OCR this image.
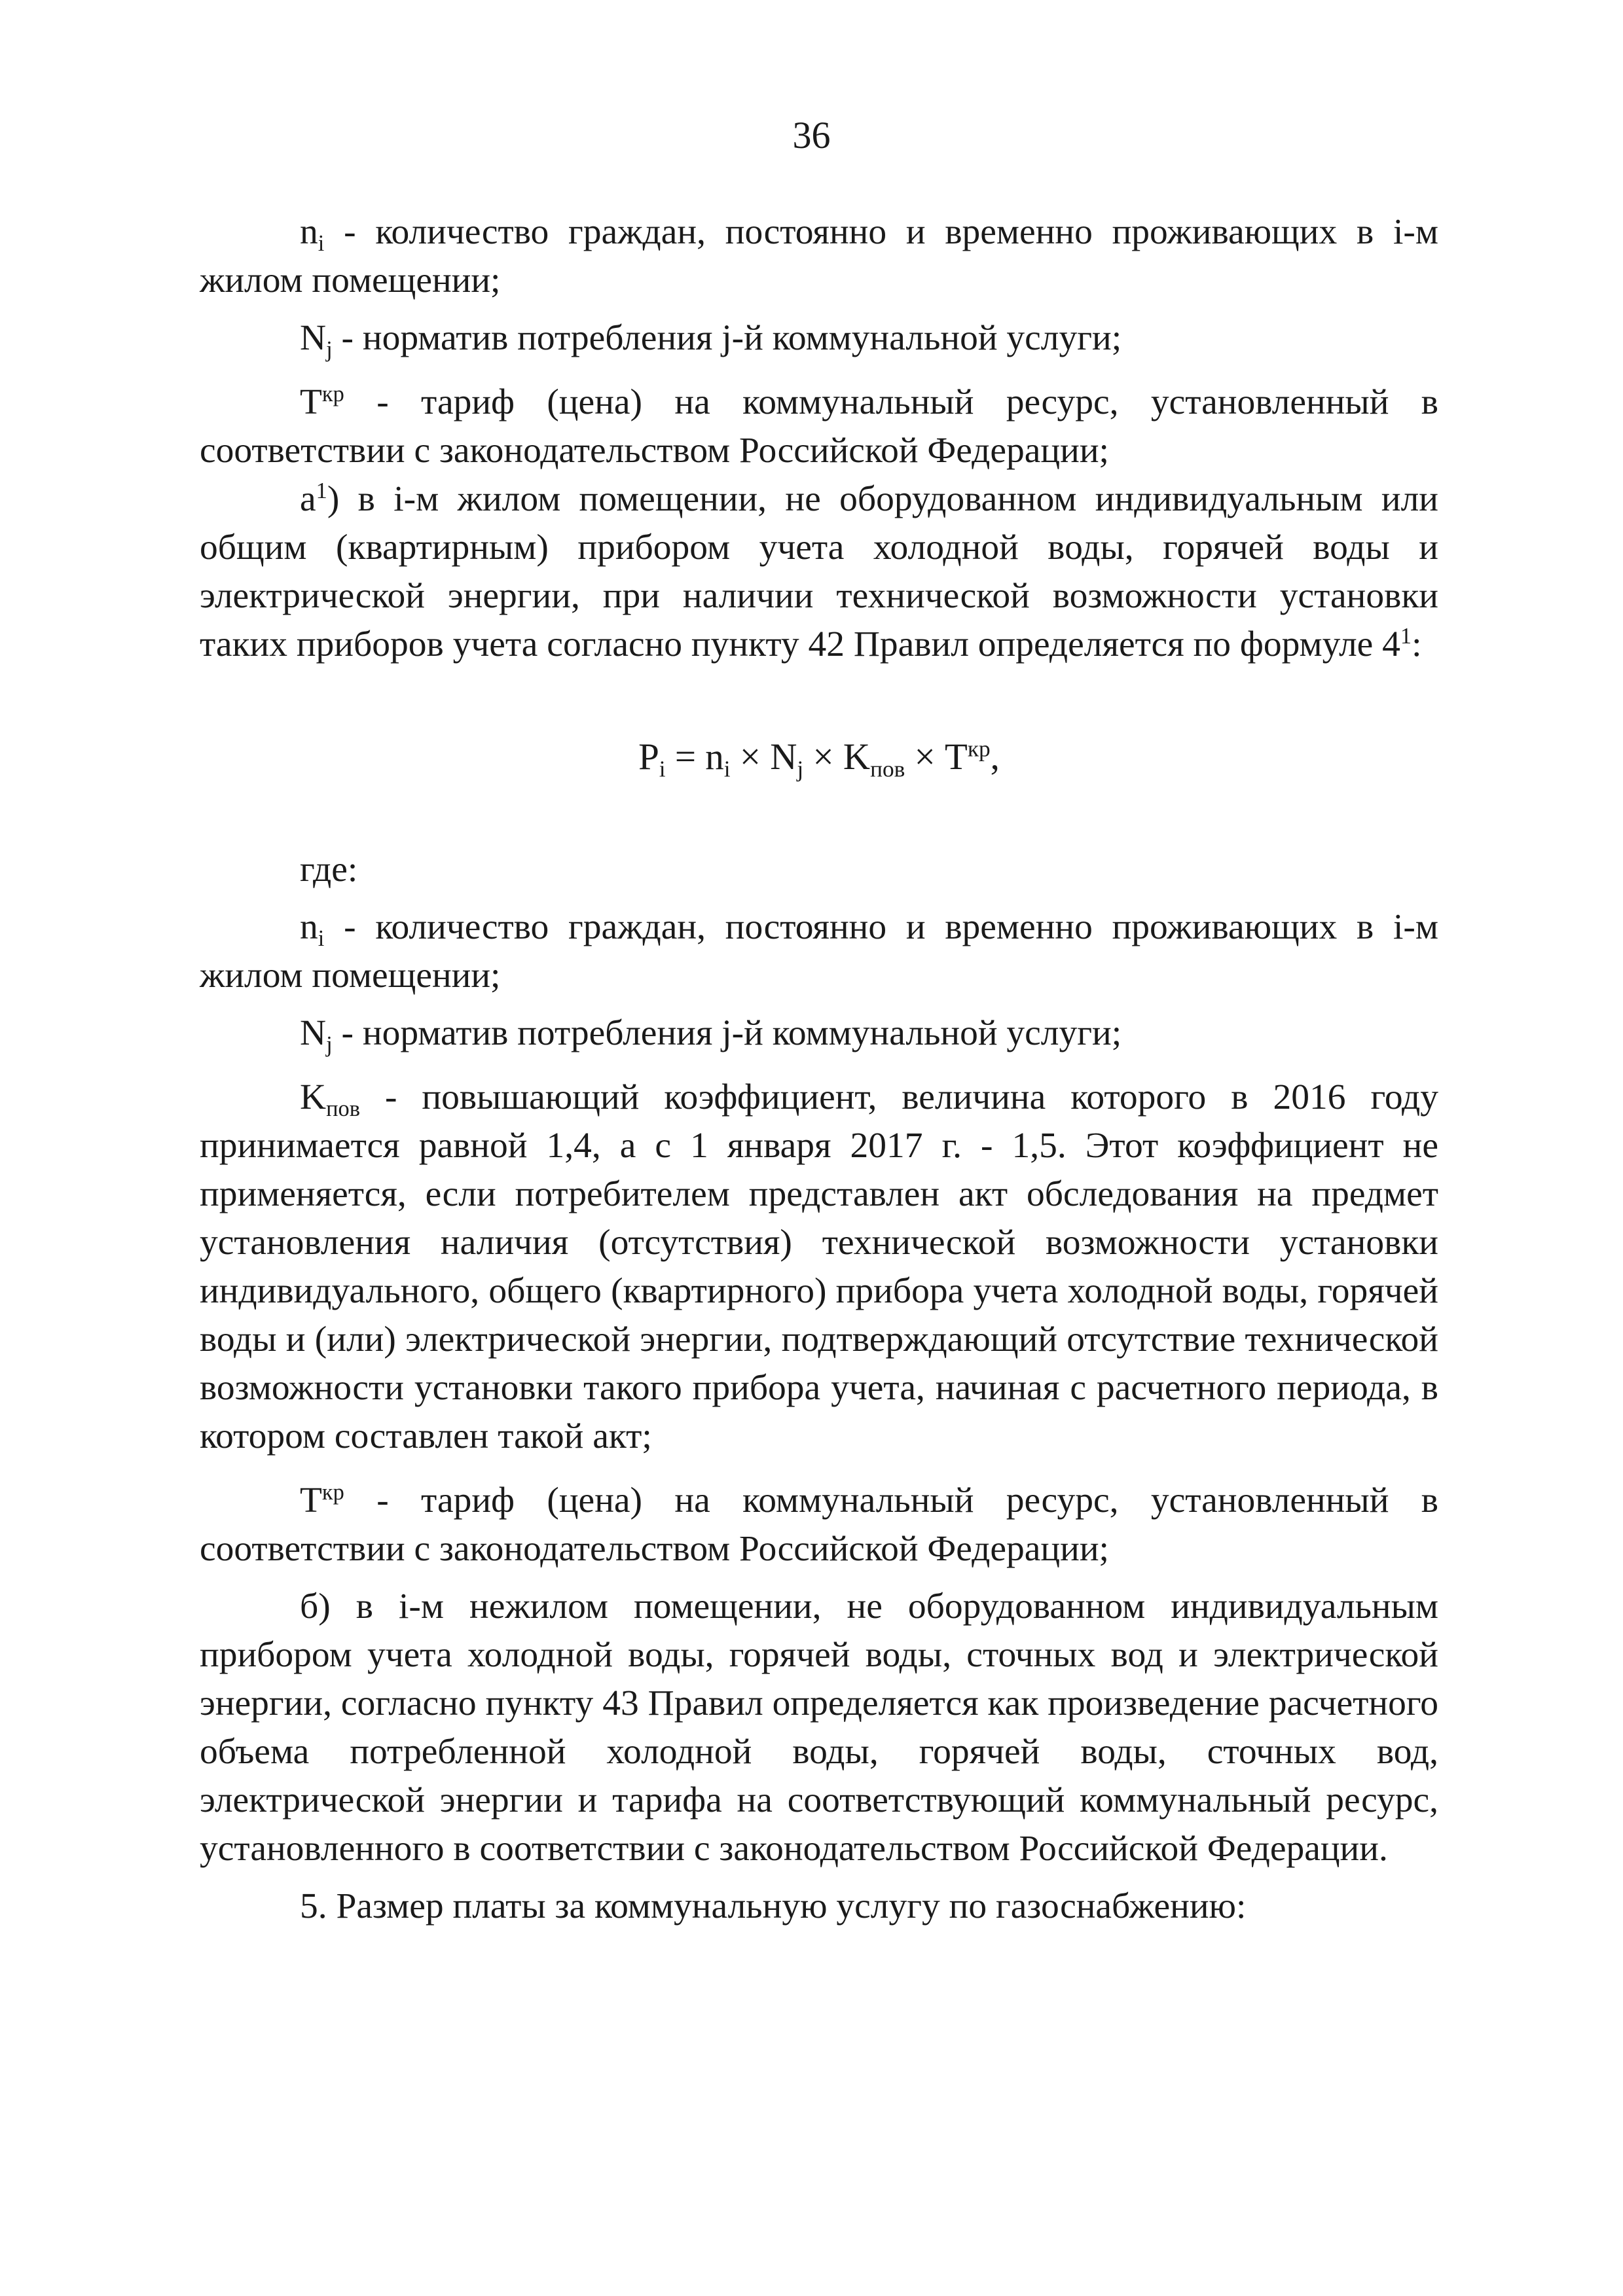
36

$n_i$ - количество граждан, постоянно и временно проживающих в i-м жилом помещении;

$N_j$ - норматив потребления j-й коммунальной услуги;

$T^{кр}$ - тариф (цена) на коммунальный ресурс, установленный в соответствии с законодательством Российской Федерации;

$а^1$) в i-м жилом помещении, не оборудованном индивидуальным или общим (квартирным) прибором учета холодной воды, горячей воды и электрической энергии, при наличии технической возможности установки таких приборов учета согласно пункту 42 Правил определяется по формуле $4^1$:

$P_i = n_i \times N_j \times K_{пов} \times T^{кр}$,

где:

$n_i$ - количество граждан, постоянно и временно проживающих в i-м жилом помещении;

$N_j$ - норматив потребления j-й коммунальной услуги;

$K_{пов}$ - повышающий коэффициент, величина которого в 2016 году принимается равной 1,4, а с 1 января 2017 г. - 1,5. Этот коэффициент не применяется, если потребителем представлен акт обследования на предмет установления наличия (отсутствия) технической возможности установки индивидуального, общего (квартирного) прибора учета холодной воды, горячей воды и (или) электрической энергии, подтверждающий отсутствие технической возможности установки такого прибора учета, начиная с расчетного периода, в котором составлен такой акт;

$T^{кр}$ - тариф (цена) на коммунальный ресурс, установленный в соответствии с законодательством Российской Федерации;

б) в i-м нежилом помещении, не оборудованном индивидуальным прибором учета холодной воды, горячей воды, сточных вод и электрической энергии, согласно пункту 43 Правил определяется как произведение расчетного объема потребленной холодной воды, горячей воды, сточных вод, электрической энергии и тарифа на соответствующий коммунальный ресурс, установленного в соответствии с законодательством Российской Федерации.

5. Размер платы за коммунальную услугу по газоснабжению:
